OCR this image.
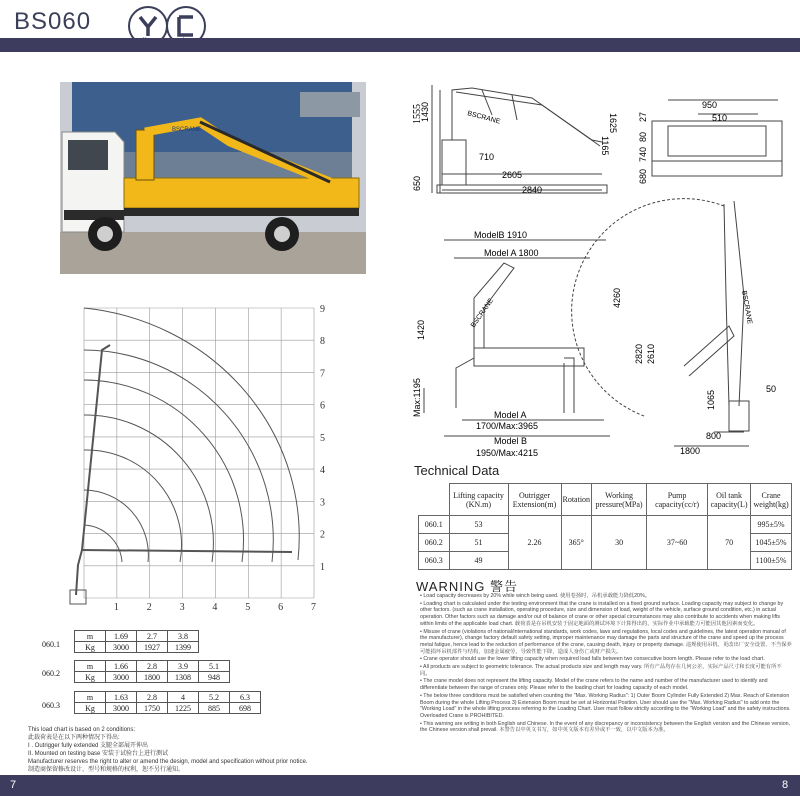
BS060
BSCRANE
1555
1430
650
710
2605
2840
1165
1625
BSCRANE
950
510
27
80
740
680
ModelB 1910
Model A 1800
1420
Max:1195	Model A
1700/Max:3965
Model B
1950/Max:4215
BSCRANE	4260
2820 2610
1065
50
800
1800
BSCRANE
9
8
7
6
5
4
3
2
1
1	2	3	4	5	6	7
060.1
m	1.69	2.7	3.8
Kg	3000	1927	1399
060.2
m	1.66	2.8	3.9	5.1
Kg	3000	1800	1308	948
060.3
m	1.63	2.8	4	5.2	6.3
Kg	3000	1750	1225	885	698
This load chart is based on 2 conditions:
此载荷表是在以下两种情况下得出:
I . Outrigger fully extended 支腿全部展开伸出
II. Mounted on testing base 安装于试验台上进行测试
Manufacturer reserves the right to alter or amend the design, model and specification without prior notice.
制造商保留修改设计、型号和规格的权利，恕不另行通知。
Technical Data
	Lifting capacity (KN.m)	Outrigger Extension(m)	Rotation	Working pressure(MPa)	Pump capacity(cc/r)	Oil tank capacity(L)	Crane weight(kg)
060.1	53	2.26	365°	30	37~60	70	995±5%
060.2	51						1045±5%
060.3	49						1100±5%
WARNING 警告

• Load capacity decreases by 20% while winch being used. 使用卷扬时，吊机承载能力降低20%。

• Loading chart is calculated under the testing environment that the crane is installed on a fixed ground surface. Loading capacity may subject to change by other factors. (such as crane installation, operating procedure, size and dimension of load, weight of the vehicle, surface ground condition, etc.) in actual operation. Other factors such as damage and/or out of balance of crane or other special circumstances may also contribute to accidents when making lifts within limits of the applicable load chart. 载荷表是在吊机安装于固定地面的测试环境下计算得出的，实际作业中承载能力可能因其他因素而变化。

• Misuse of crane (violations of national/international standards, work codes, laws and regulations, local codes and guidelines, the latest operation manual of the manufacturer), change factory default safety setting, improper maintenance may damage the parts and structure of the crane and speed up the process metal fatigue, hence lead to the reduction of performance of the crane, causing death, injury or property damage. 违规使用吊机、更改出厂安全设置、不当保养可能损坏吊机部件与结构，加速金属疲劳，导致性能下降，造成人身伤亡或财产损失。

• Crane operator should use the lower lifting capacity when required load falls between two consecutive boom length. Please refer to the load chart.

• All products are subject to geometric tolerance. The actual products size and length may vary. 所有产品均存在几何公差，实际产品尺寸和长度可能有所不同。

• The crane model does not represent the lifting capacity. Model of the crane refers to the name and number of the manufacturer used to identify and differentiate between the range of cranes only. Please refer to the loading chart for loading capacity of each model.

• The below three conditions must be satisfied when counting the "Max. Working Radius": 1) Outer Boom Cylinder Fully Extended 2) Max. Reach of Extension Boom during the whole Lifting Process 3) Extension Boom must be set at Horizontal Position. User should use the "Max. Working Radius" to add onto the "Working Load" in the whole lifting process referring to the Loading Chart. User must follow strictly according to the "Working Load" and the safety instructions. Overloaded Crane is PROHIBITED.

• This warning are writing in both English and Chinese. In the event of any discrepancy or inconsistency between the English version and the Chinese version, the Chinese version shall prevail. 本警告以中英文书写，如中英文版本有差异或不一致，以中文版本为准。

7	8
